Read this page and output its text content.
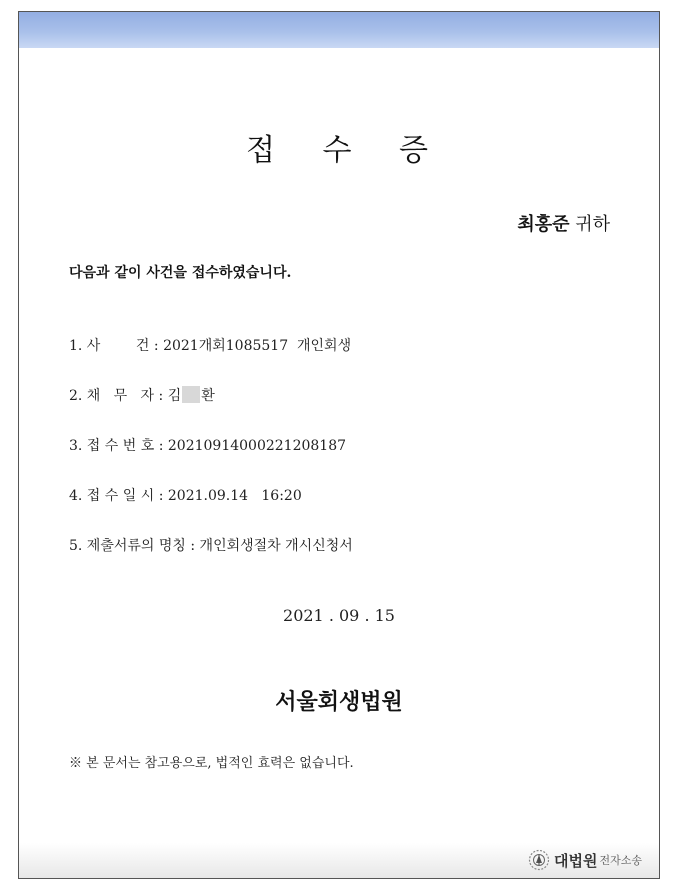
접 수 증
최홍준 귀하
다음과 같이 사건을 접수하였습니다.
1. 사        건 : 2021개회1085517  개인회생
2. 채   무   자 : 김 환
3. 접 수 번 호 : 20210914000221208187
4. 접 수 일 시 : 2021.09.14   16:20
5. 제출서류의 명칭 : 개인회생절차 개시신청서
2021 . 09 . 15
서울회생법원
※ 본 문서는 참고용으로, 법적인 효력은 없습니다.
대법원 전자소송
